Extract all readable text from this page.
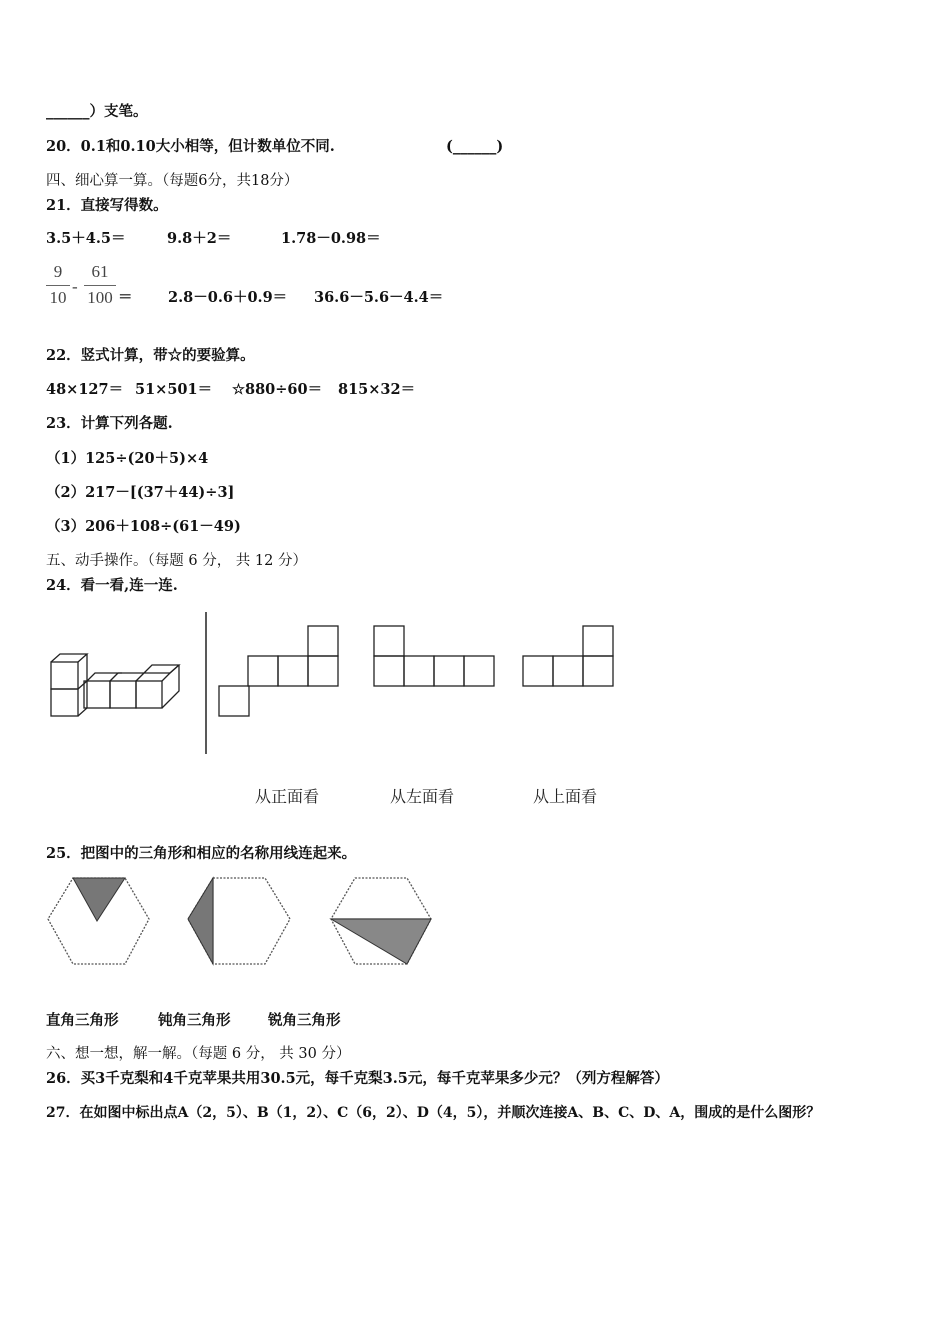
______）支笔。
20．0.1和0.10大小相等，但计数单位不同.	(______)
四、细心算一算。（每题6分，共18分）
21．直接写得数。
3.5＋4.5＝	9.8＋2＝	1.78－0.98＝
$\frac{9}{10} - \frac{61}{100} = 2.8-0.6+0.9= 36.6-5.6-4.4=$
22．竖式计算，带☆的要验算。
48×127＝ 51×501＝ ☆880÷60＝ 815×32＝
23．计算下列各题.
（1）125÷(20＋5)×4
（2）217－[(37＋44)÷3]
（3）206＋108÷(61－49)
五、动手操作。（每题 6 分， 共 12 分）
24．看一看,连一连.
从正面看	从左面看	从上面看
25．把图中的三角形和相应的名称用线连起来。
直角三角形	钝角三角形	锐角三角形
六、想一想，解一解。（每题 6 分， 共 30 分）
26．买3千克梨和4千克苹果共用30.5元，每千克梨3.5元，每千克苹果多少元？（列方程解答）
27．在如图中标出点A（2，5）、B（1，2）、C（6，2）、D（4，5），并顺次连接A、B、C、D、A，围成的是什么图形？
